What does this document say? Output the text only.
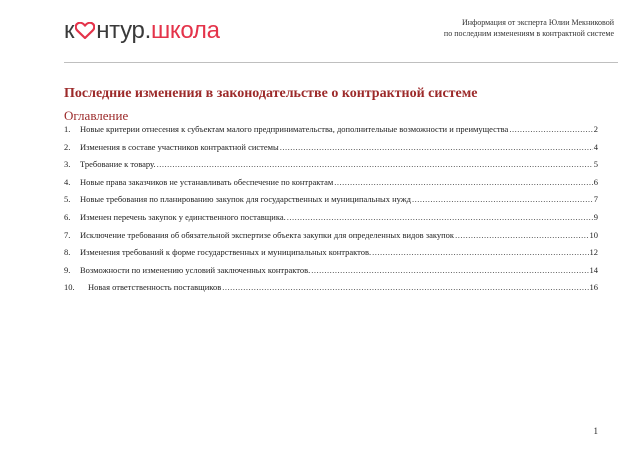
к нтур.школа	Информация от эксперта Юлии Мекниковой
по последним изменениям в контрактной системе
Последние изменения в законодательстве о контрактной системе
Оглавление
1.	Новые критерии отнесения к субъектам малого предпринимательства, дополнительные возможности и преимущества .....	2
2.	Изменения в составе участников контрактной системы .....	4
3.	Требование к товару. .....	5
4.	Новые права заказчиков не устанавливать обеспечение по контрактам .....	6
5.	Новые требования по планированию закупок для государственных и муниципальных нужд .....	7
6.	Изменен перечень закупок у единственного поставщика. .....	9
7.	Исключение требования об обязательной экспертизе объекта закупки для определенных видов закупок .....	10
8.	Изменения требований к форме государственных и муниципальных контрактов. .....	12
9.	Возможности по изменению условий заключенных контрактов. .....	14
10.	Новая ответственность поставщиков .....	16
1
